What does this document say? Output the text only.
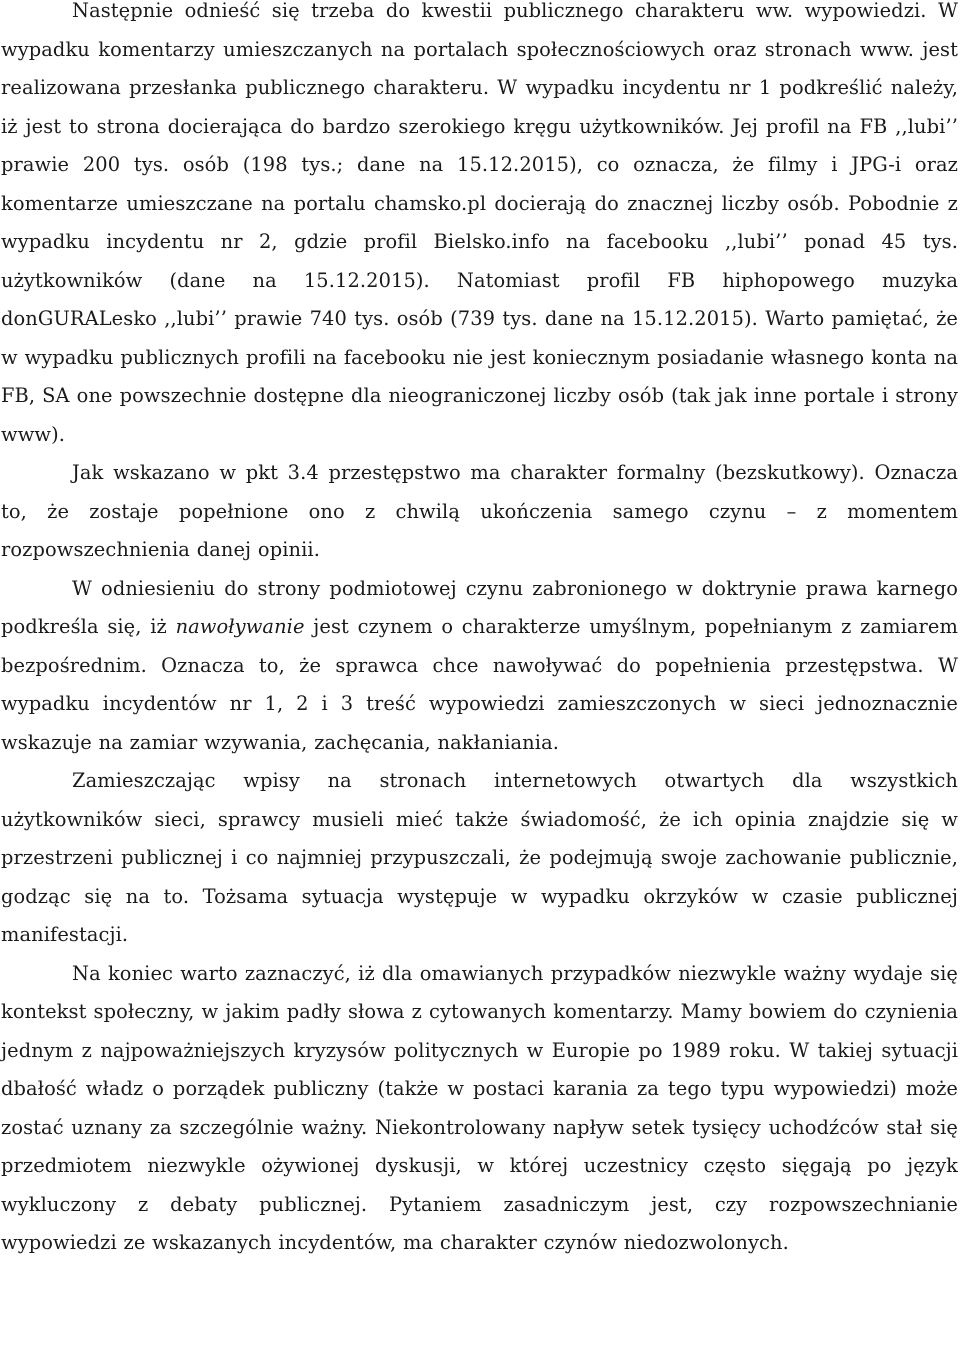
Następnie odnieść się trzeba do kwestii publicznego charakteru ww. wypowiedzi. W wypadku komentarzy umieszczanych na portalach społecznościowych oraz stronach www. jest realizowana przesłanka publicznego charakteru. W wypadku incydentu nr 1 podkreślić należy, iż jest to strona docierająca do bardzo szerokiego kręgu użytkowników. Jej profil na FB ,,lubi’’ prawie 200 tys. osób (198 tys.; dane na 15.12.2015), co oznacza, że filmy i JPG-i oraz komentarze umieszczane na portalu chamsko.pl docierają do znacznej liczby osób. Pobodnie z wypadku incydentu nr 2, gdzie profil Bielsko.info na facebooku ,,lubi’’ ponad 45 tys. użytkowników (dane na 15.12.2015). Natomiast profil FB hiphopowego muzyka donGURALesko ,,lubi’’ prawie 740 tys. osób (739 tys. dane na 15.12.2015). Warto pamiętać, że w wypadku publicznych profili na facebooku nie jest koniecznym posiadanie własnego konta na FB, SA one powszechnie dostępne dla nieograniczonej liczby osób (tak jak inne portale i strony www).

Jak wskazano w pkt 3.4 przestępstwo ma charakter formalny (bezskutkowy). Oznacza to, że zostaje popełnione ono z chwilą ukończenia samego czynu – z momentem rozpowszechnienia danej opinii.

W odniesieniu do strony podmiotowej czynu zabronionego w doktrynie prawa karnego podkreśla się, iż nawoływanie jest czynem o charakterze umyślnym, popełnianym z zamiarem bezpośrednim. Oznacza to, że sprawca chce nawoływać do popełnienia przestępstwa. W wypadku incydentów nr 1, 2 i 3 treść wypowiedzi zamieszczonych w sieci jednoznacznie wskazuje na zamiar wzywania, zachęcania, nakłaniania.

Zamieszczając wpisy na stronach internetowych otwartych dla wszystkich użytkowników sieci, sprawcy musieli mieć także świadomość, że ich opinia znajdzie się w przestrzeni publicznej i co najmniej przypuszczali, że podejmują swoje zachowanie publicznie, godząc się na to. Tożsama sytuacja występuje w wypadku okrzyków w czasie publicznej manifestacji.

Na koniec warto zaznaczyć, iż dla omawianych przypadków niezwykle ważny wydaje się kontekst społeczny, w jakim padły słowa z cytowanych komentarzy. Mamy bowiem do czynienia jednym z najpoważniejszych kryzysów politycznych w Europie po 1989 roku. W takiej sytuacji dbałość władz o porządek publiczny (także w postaci karania za tego typu wypowiedzi) może zostać uznany za szczególnie ważny. Niekontrolowany napływ setek tysięcy uchodźców stał się przedmiotem niezwykle ożywionej dyskusji, w której uczestnicy często sięgają po język wykluczony z debaty publicznej. Pytaniem zasadniczym jest, czy rozpowszechnianie wypowiedzi ze wskazanych incydentów, ma charakter czynów niedozwolonych.
